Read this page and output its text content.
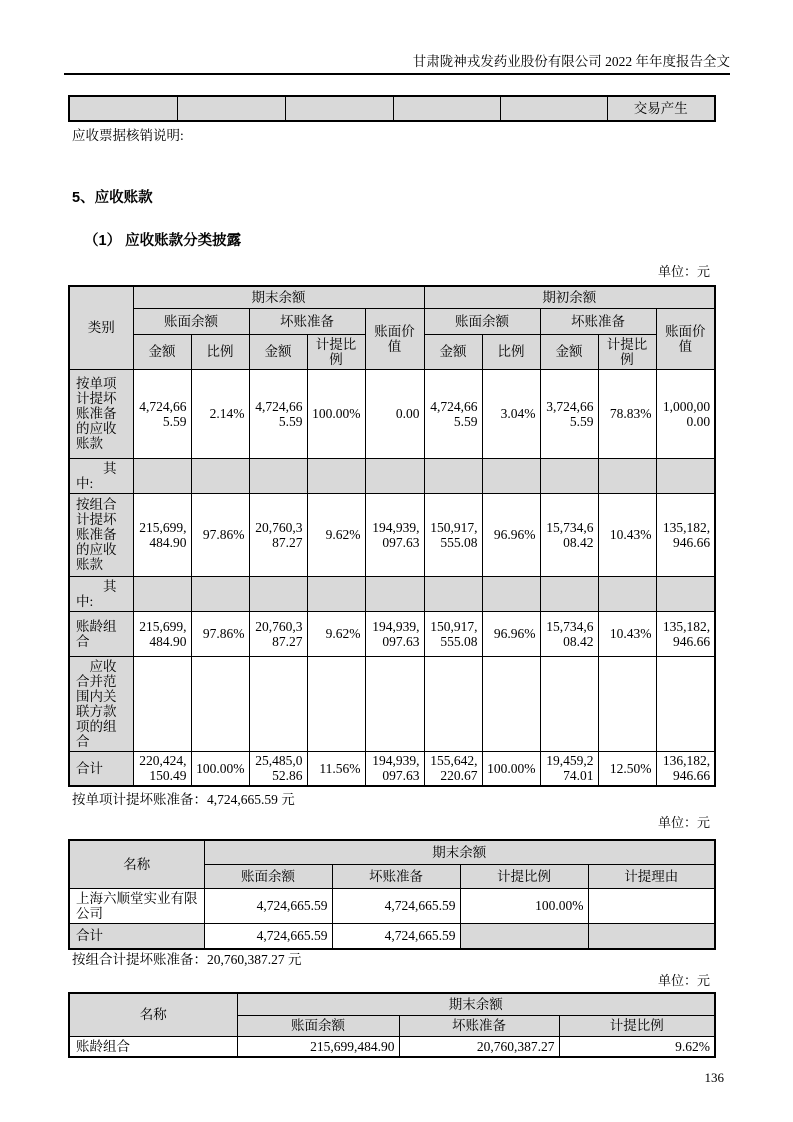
甘肃陇神戎发药业股份有限公司 2022 年年度报告全文
					交易产生
应收票据核销说明:
5、应收账款
（1） 应收账款分类披露
单位：元
类别	期末余额					期初余额				
	账面余额		坏账准备		账面价值	账面余额		坏账准备		账面价值
	金额	比例	金额	计提比例		金额	比例	金额	计提比例	
按单项计提坏账准备的应收账款	4,724,665.59	2.14%	4,724,665.59	100.00%	0.00	4,724,665.59	3.04%	3,724,665.59	78.83%	1,000,000.00
其中:										
按组合计提坏账准备的应收账款	215,699,484.90	97.86%	20,760,387.27	9.62%	194,939,097.63	150,917,555.08	96.96%	15,734,608.42	10.43%	135,182,946.66
其中:										
账龄组合	215,699,484.90	97.86%	20,760,387.27	9.62%	194,939,097.63	150,917,555.08	96.96%	15,734,608.42	10.43%	135,182,946.66
应收合并范围内关联方款项的组合										
合计	220,424,150.49	100.00%	25,485,052.86	11.56%	194,939,097.63	155,642,220.67	100.00%	19,459,274.01	12.50%	136,182,946.66
按单项计提坏账准备：4,724,665.59 元
单位：元
名称	期末余额			
	账面余额	坏账准备	计提比例	计提理由
上海六顺堂实业有限公司	4,724,665.59	4,724,665.59	100.00%	
合计	4,724,665.59	4,724,665.59		
按组合计提坏账准备：20,760,387.27 元
单位：元
名称	期末余额		
	账面余额	坏账准备	计提比例
账龄组合	215,699,484.90	20,760,387.27	9.62%
136
